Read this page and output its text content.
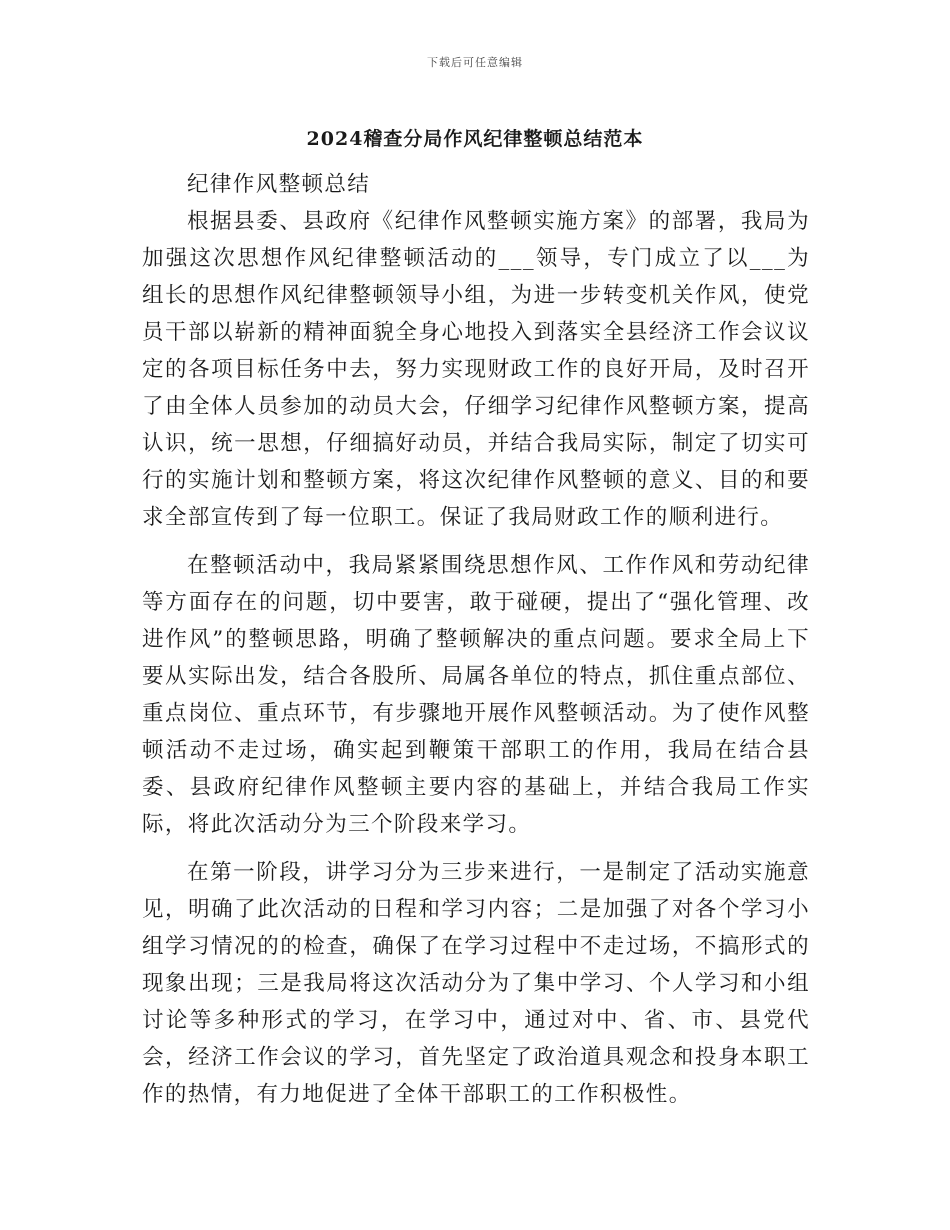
下载后可任意编辑
2024稽查分局作风纪律整顿总结范本

纪律作风整顿总结

根据县委、县政府《纪律作风整顿实施方案》的部署，我局为加强这次思想作风纪律整顿活动的___领导，专门成立了以___为组长的思想作风纪律整顿领导小组，为进一步转变机关作风，使党员干部以崭新的精神面貌全身心地投入到落实全县经济工作会议议定的各项目标任务中去，努力实现财政工作的良好开局，及时召开了由全体人员参加的动员大会，仔细学习纪律作风整顿方案，提高认识，统一思想，仔细搞好动员，并结合我局实际，制定了切实可行的实施计划和整顿方案，将这次纪律作风整顿的意义、目的和要求全部宣传到了每一位职工。保证了我局财政工作的顺利进行。

在整顿活动中，我局紧紧围绕思想作风、工作作风和劳动纪律等方面存在的问题，切中要害，敢于碰硬，提出了“强化管理、改进作风”的整顿思路，明确了整顿解决的重点问题。要求全局上下要从实际出发，结合各股所、局属各单位的特点，抓住重点部位、重点岗位、重点环节，有步骤地开展作风整顿活动。为了使作风整顿活动不走过场，确实起到鞭策干部职工的作用，我局在结合县委、县政府纪律作风整顿主要内容的基础上，并结合我局工作实际，将此次活动分为三个阶段来学习。

在第一阶段，讲学习分为三步来进行，一是制定了活动实施意见，明确了此次活动的日程和学习内容；二是加强了对各个学习小组学习情况的的检查，确保了在学习过程中不走过场，不搞形式的现象出现；三是我局将这次活动分为了集中学习、个人学习和小组讨论等多种形式的学习，在学习中，通过对中、省、市、县党代会，经济工作会议的学习，首先坚定了政治道具观念和投身本职工作的热情，有力地促进了全体干部职工的工作积极性。
